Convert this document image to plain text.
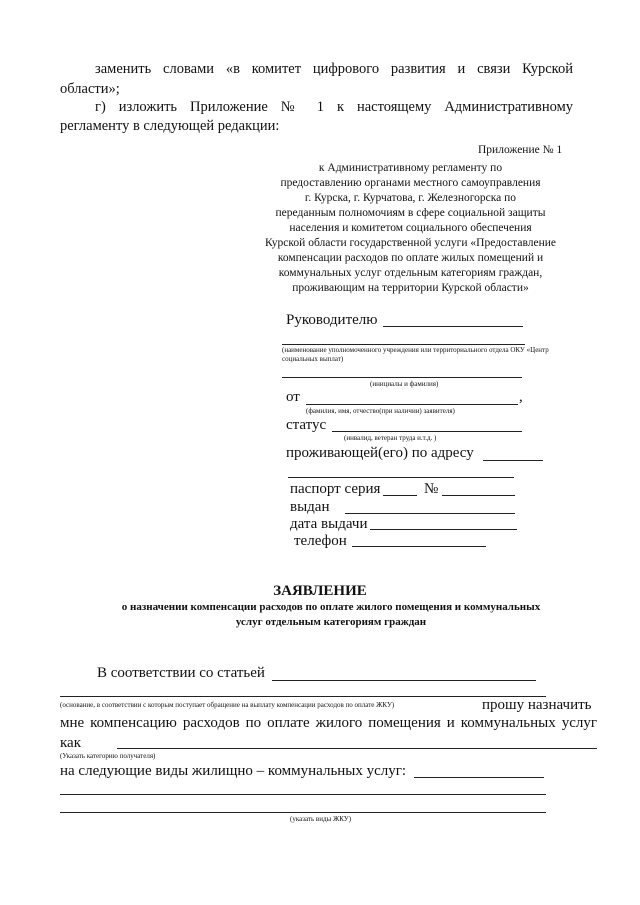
заменить словами «в комитет цифрового развития и связи Курской
области»;
г) изложить Приложение № 1 к настоящему Административному
регламенту в следующей редакции:
Приложение № 1
к Административному регламенту по
предоставлению органами местного самоуправления
г. Курска, г. Курчатова, г. Железногорска по
переданным полномочиям в сфере социальной защиты
населения и комитетом социального обеспечения
Курской области государственной услуги «Предоставление
компенсации расходов по оплате жилых помещений и
коммунальных услуг отдельным категориям граждан,
проживающим на территории Курской области»
Руководителю
(наименование уполномоченного учреждения или территориального отдела ОКУ «Центр социальных выплат)
(инициалы и фамилия)
от	,
(фамилия, имя, отчество(при наличии) заявителя)
статус
(инвалид, ветеран труда и.т.д. )
проживающей(его) по адресу
паспорт серия	№
выдан
дата выдачи
телефон
ЗАЯВЛЕНИЕ
о назначении компенсации расходов по оплате жилого помещения и коммунальных
услуг отдельным категориям граждан
В соответствии со статьей
(основание, в соответствии с которым поступает обращение на выплату компенсации расходов по оплате ЖКУ)	прошу назначить
мне компенсацию расходов по оплате жилого помещения и коммунальных услуг
как
(Указать категорию получателя)
на следующие виды жилищно – коммунальных услуг:
(указать виды ЖКУ)
